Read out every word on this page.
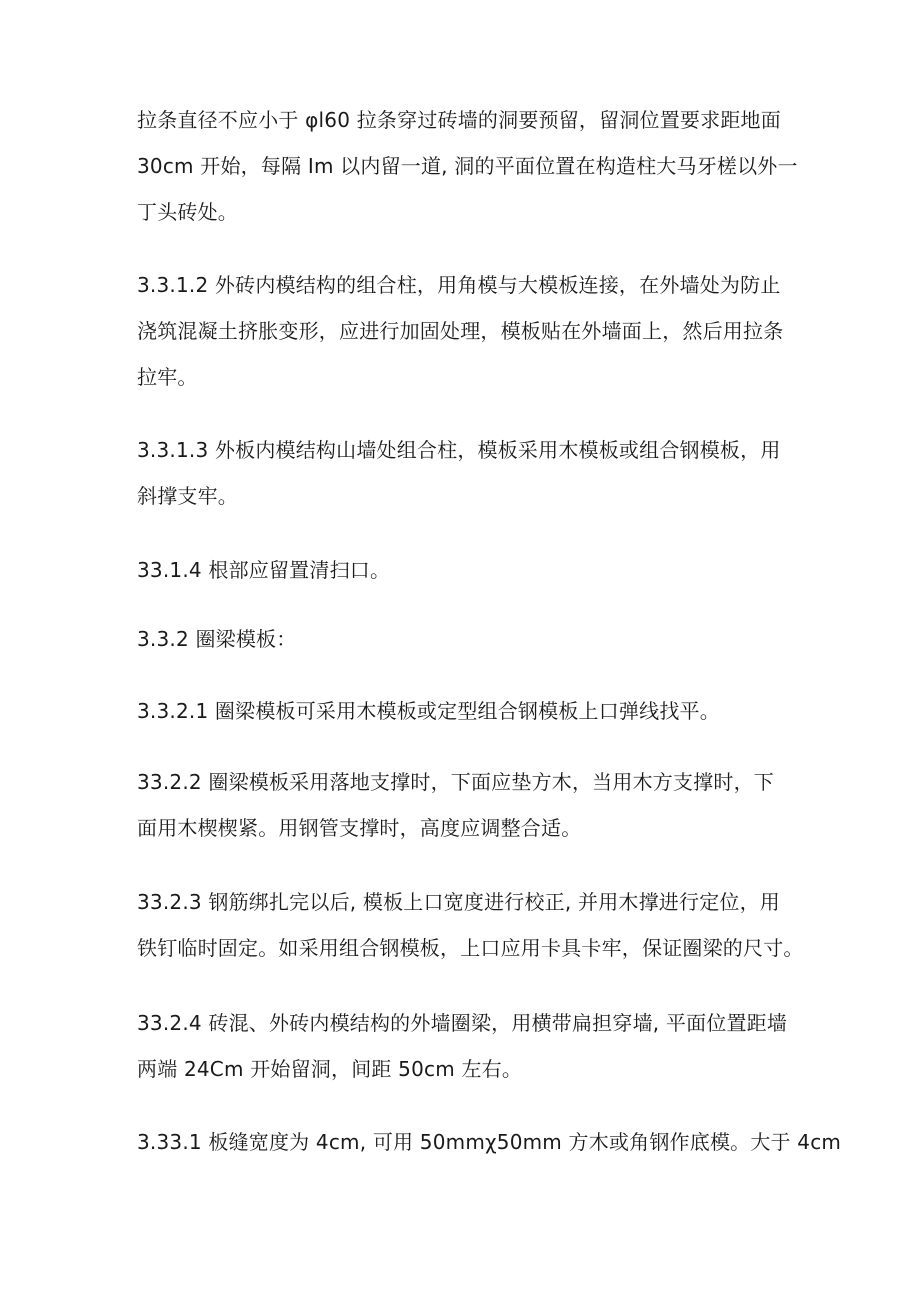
拉条直径不应小于 φl60 拉条穿过砖墙的洞要预留，留洞位置要求距地面
30cm 开始，每隔 Im 以内留一道, 洞的平面位置在构造柱大马牙槎以外一
丁头砖处。
3.3.1.2 外砖内模结构的组合柱，用角模与大模板连接，在外墙处为防止
浇筑混凝土挤胀变形，应进行加固处理，模板贴在外墙面上，然后用拉条
拉牢。
3.3.1.3 外板内模结构山墙处组合柱，模板采用木模板或组合钢模板，用
斜撑支牢。
33.1.4 根部应留置清扫口。
3.3.2 圈梁模板：
3.3.2.1 圈梁模板可采用木模板或定型组合钢模板上口弹线找平。
33.2.2 圈梁模板采用落地支撑时，下面应垫方木，当用木方支撑时，下
面用木楔楔紧。用钢管支撑时，高度应调整合适。
33.2.3 钢筋绑扎完以后, 模板上口宽度进行校正, 并用木撑进行定位，用
铁钉临时固定。如采用组合钢模板，上口应用卡具卡牢，保证圈梁的尺寸。
33.2.4 砖混、外砖内模结构的外墙圈梁，用横带扁担穿墙, 平面位置距墙
两端 24Cm 开始留洞，间距 50cm 左右。
3.33.1 板缝宽度为 4cm, 可用 50mmχ50mm 方木或角钢作底模。大于 4cm
